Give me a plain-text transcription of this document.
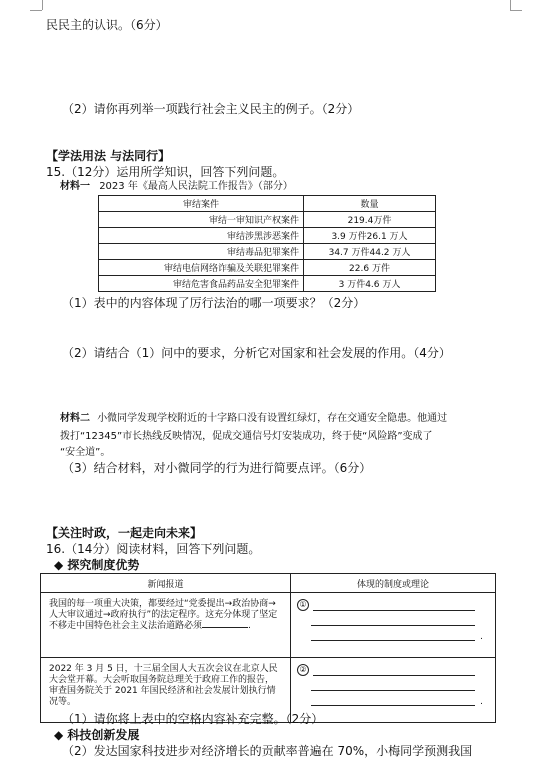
民民主的认识。（6分）
（2）请你再列举一项践行社会主义民主的例子。（2分）
【学法用法 与法同行】
15.（12分）运用所学知识，回答下列问题。
材料一 2023 年《最高人民法院工作报告》（部分）
审结案件	数量
审结一审知识产权案件	219.4万件
审结涉黑涉恶案件	3.9 万件26.1 万人
审结毒品犯罪案件	34.7 万件44.2 万人
审结电信网络诈骗及关联犯罪案件	22.6 万件
审结危害食品药品安全犯罪案件	3 万件4.6 万人
（1）表中的内容体现了厉行法治的哪一项要求？（2分）
（2）请结合（1）问中的要求，分析它对国家和社会发展的作用。（4分）
材料二 小微同学发现学校附近的十字路口没有设置红绿灯，存在交通安全隐患。他通过
拨打“12345”市长热线反映情况，促成交通信号灯安装成功，终于使“风险路”变成了
“安全道”。
（3）结合材料，对小微同学的行为进行简要点评。（6分）
【关注时政，一起走向未来】
16.（14分）阅读材料，回答下列问题。
◆ 探究制度优势
新闻报道	体现的制度或理论
我国的每一项重大决策，都要经过“党委提出→政治协商→人大审议通过→政府执行”的法定程序。这充分体现了坚定不移走中国特色社会主义法治道路必须 .	①
.

2022 年 3 月 5 日，十三届全国人大五次会议在北京人民大会堂开幕。大会听取国务院总理关于政府工作的报告，审查国务院关于 2021 年国民经济和社会发展计划执行情况等。	②
.
（1）请你将上表中的空格内容补充完整。（2分）
◆ 科技创新发展
（2）发达国家科技进步对经济增长的贡献率普遍在 70%，小梅同学预测我国
